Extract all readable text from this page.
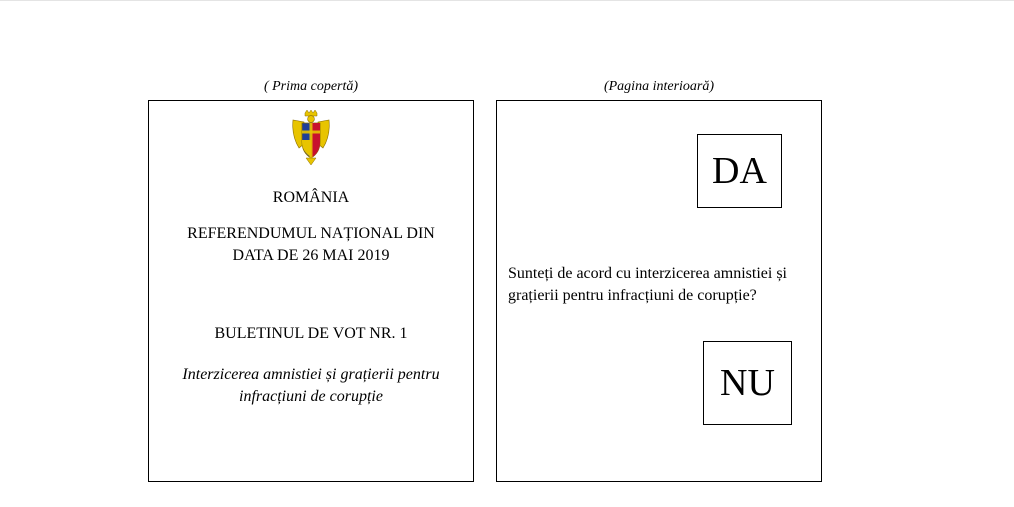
( Prima copertă)	(Pagina interioară)
ROMÂNIA
REFERENDUMUL NAȚIONAL DIN
DATA DE 26 MAI 2019
BULETINUL DE VOT NR. 1
Interzicerea amnistiei și grațierii pentru
infracțiuni de corupție
DA
Sunteți de acord cu interzicerea amnistiei și
grațierii pentru infracțiuni de corupție?
NU
